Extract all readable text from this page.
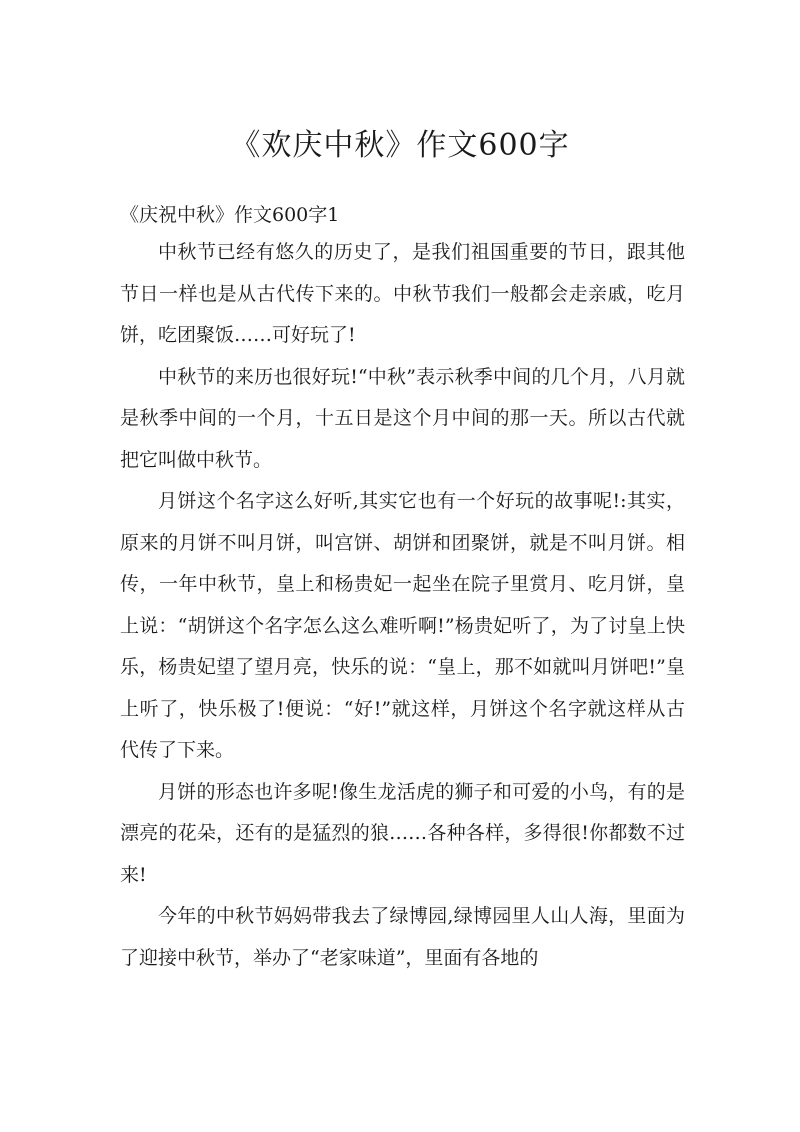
《欢庆中秋》作文600字

《庆祝中秋》作文600字1

中秋节已经有悠久的历史了，是我们祖国重要的节日，跟其他节日一样也是从古代传下来的。中秋节我们一般都会走亲戚，吃月饼，吃团聚饭……可好玩了!

中秋节的来历也很好玩!“中秋”表示秋季中间的几个月，八月就是秋季中间的一个月，十五日是这个月中间的那一天。所以古代就把它叫做中秋节。

月饼这个名字这么好听,其实它也有一个好玩的故事呢!:其实，原来的月饼不叫月饼，叫宫饼、胡饼和团聚饼，就是不叫月饼。相传，一年中秋节，皇上和杨贵妃一起坐在院子里赏月、吃月饼，皇上说：“胡饼这个名字怎么这么难听啊!”杨贵妃听了，为了讨皇上快乐，杨贵妃望了望月亮，快乐的说：“皇上，那不如就叫月饼吧!”皇上听了，快乐极了!便说：“好!”就这样，月饼这个名字就这样从古代传了下来。

月饼的形态也许多呢!像生龙活虎的狮子和可爱的小鸟，有的是漂亮的花朵，还有的是猛烈的狼……各种各样，多得很!你都数不过来!

今年的中秋节妈妈带我去了绿博园,绿博园里人山人海，里面为了迎接中秋节，举办了“老家味道”，里面有各地的
